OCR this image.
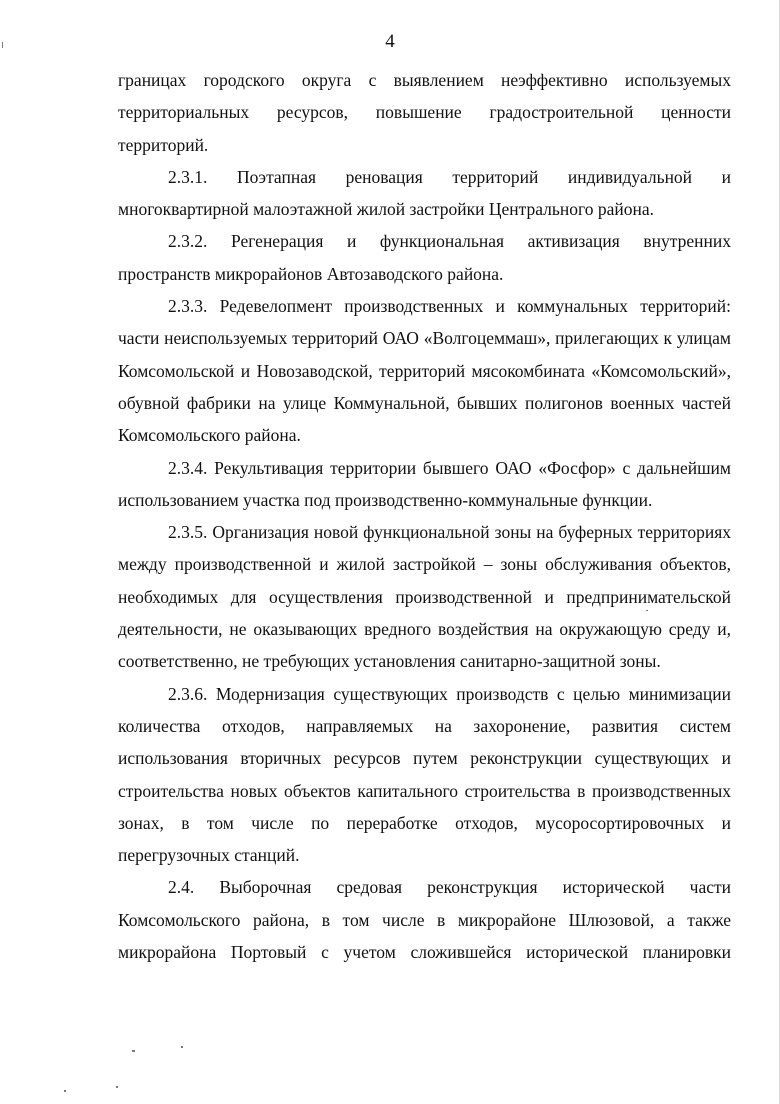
4

границах городского округа с выявлением неэффективно используемых территориальных ресурсов, повышение градостроительной ценности территорий.

2.3.1. Поэтапная реновация территорий индивидуальной и многоквартирной малоэтажной жилой застройки Центрального района.

2.3.2. Регенерация и функциональная активизация внутренних пространств микрорайонов Автозаводского района.

2.3.3. Редевелопмент производственных и коммунальных территорий: части неиспользуемых территорий ОАО «Волгоцеммаш», прилегающих к улицам Комсомольской и Новозаводской, территорий мясокомбината «Комсомольский», обувной фабрики на улице Коммунальной, бывших полигонов военных частей Комсомольского района.

2.3.4. Рекультивация территории бывшего ОАО «Фосфор» с дальнейшим использованием участка под производственно-коммунальные функции.

2.3.5. Организация новой функциональной зоны на буферных территориях между производственной и жилой застройкой – зоны обслуживания объектов, необходимых для осуществления производственной и предпринимательской деятельности, не оказывающих вредного воздействия на окружающую среду и, соответственно, не требующих установления санитарно-защитной зоны.

2.3.6. Модернизация существующих производств с целью минимизации количества отходов, направляемых на захоронение, развития систем использования вторичных ресурсов путем реконструкции существующих и строительства новых объектов капитального строительства в производственных зонах, в том числе по переработке отходов, мусоросортировочных и перегрузочных станций.

2.4. Выборочная средовая реконструкция исторической части Комсомольского района, в том числе в микрорайоне Шлюзовой, а также микрорайона Портовый с учетом сложившейся исторической планировки
